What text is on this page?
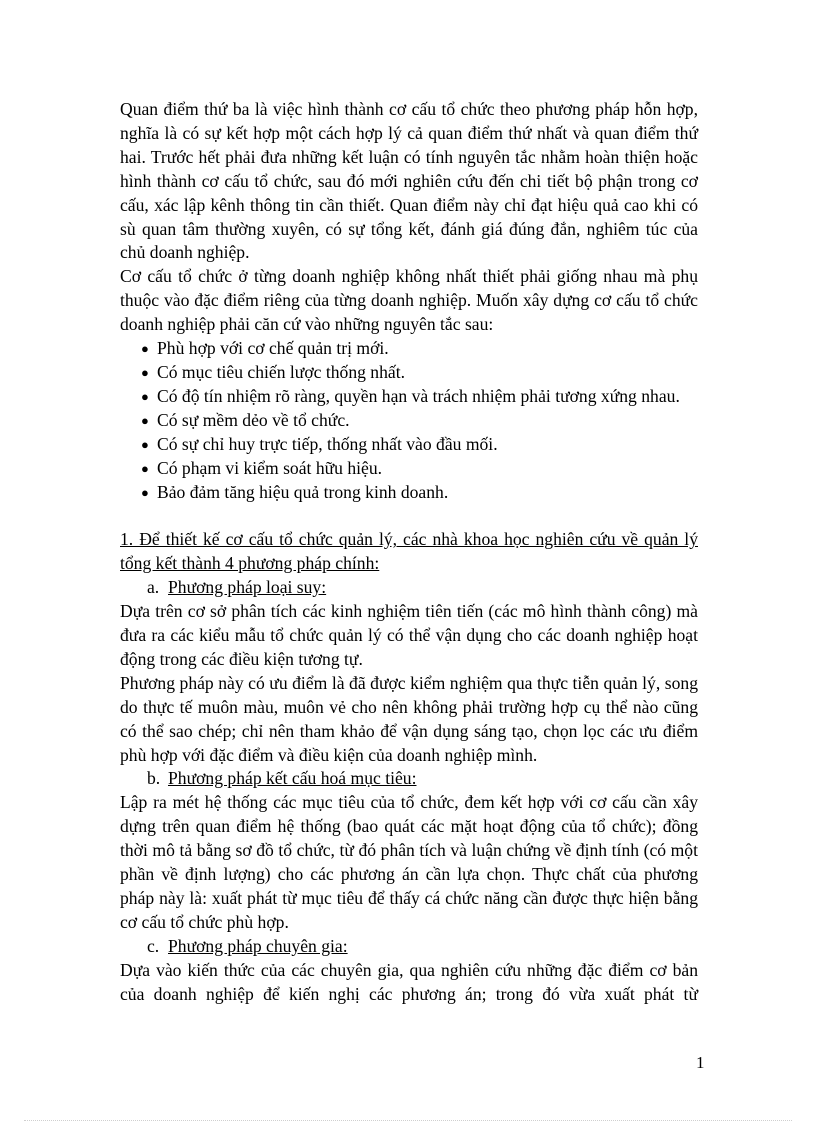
Quan điểm thứ ba là việc hình thành cơ cấu tổ chức theo phương pháp hỗn hợp, nghĩa là có sự kết hợp một cách hợp lý cả quan điểm thứ nhất và quan điểm thứ hai. Trước hết phải đưa những kết luận có tính nguyên tắc nhằm hoàn thiện hoặc hình thành cơ cấu tổ chức, sau đó mới nghiên cứu đến chi tiết bộ phận trong cơ cấu, xác lập kênh thông tin cần thiết. Quan điểm này chỉ đạt hiệu quả cao khi có sù quan tâm thường xuyên, có sự tổng kết, đánh giá đúng đắn, nghiêm túc của chủ doanh nghiệp.

Cơ cấu tổ chức ở từng doanh nghiệp không nhất thiết phải giống nhau mà phụ thuộc vào đặc điểm riêng của từng doanh nghiệp. Muốn xây dựng cơ cấu tổ chức doanh nghiệp phải căn cứ vào những nguyên tắc sau:

● Phù hợp với cơ chế quản trị mới.
● Có mục tiêu chiến lược thống nhất.
● Có độ tín nhiệm rõ ràng, quyền hạn và trách nhiệm phải tương xứng nhau.
● Có sự mềm dẻo về tổ chức.
● Có sự chỉ huy trực tiếp, thống nhất vào đầu mối.
● Có phạm vi kiểm soát hữu hiệu.
● Bảo đảm tăng hiệu quả trong kinh doanh.

1. Để thiết kế cơ cấu tổ chức quản lý, các nhà khoa học nghiên cứu về quản lý tổng kết thành 4 phương pháp chính:

a. Phương pháp loại suy:

Dựa trên cơ sở phân tích các kinh nghiệm tiên tiến (các mô hình thành công) mà đưa ra các kiểu mẫu tổ chức quản lý có thể vận dụng cho các doanh nghiệp hoạt động trong các điều kiện tương tự.

Phương pháp này có ưu điểm là đã được kiểm nghiệm qua thực tiễn quản lý, song do thực tế muôn màu, muôn vẻ cho nên không phải trường hợp cụ thể nào cũng có thể sao chép; chỉ nên tham khảo để vận dụng sáng tạo, chọn lọc các ưu điểm phù hợp với đặc điểm và điều kiện của doanh nghiệp mình.

b. Phương pháp kết cấu hoá mục tiêu:

Lập ra mét hệ thống các mục tiêu của tổ chức, đem kết hợp với cơ cấu cần xây dựng trên quan điểm hệ thống (bao quát các mặt hoạt động của tổ chức); đồng thời mô tả bằng sơ đồ tổ chức, từ đó phân tích và luận chứng về định tính (có một phần về định lượng) cho các phương án cần lựa chọn. Thực chất của phương pháp này là: xuất phát từ mục tiêu để thấy cá chức năng cần được thực hiện bằng cơ cấu tổ chức phù hợp.

c. Phương pháp chuyên gia:

Dựa vào kiến thức của các chuyên gia, qua nghiên cứu những đặc điểm cơ bản của doanh nghiệp để kiến nghị các phương án; trong đó vừa xuất phát từ

1
